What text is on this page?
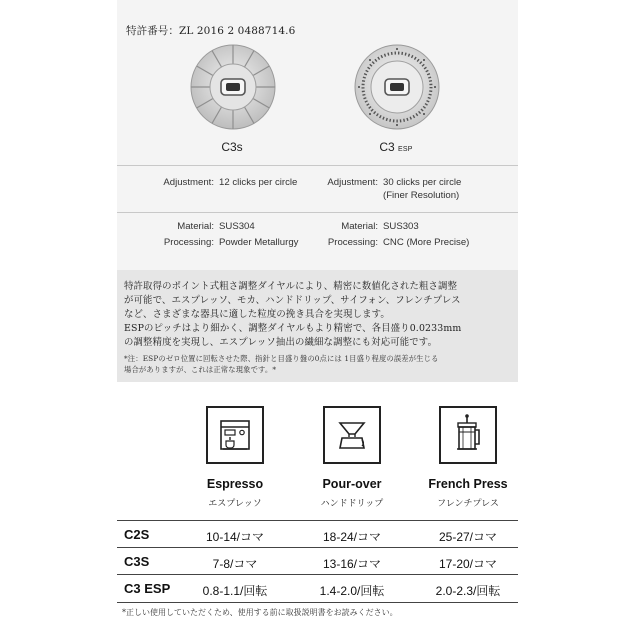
特許番号：ZL 2016 2 0488714.6
C3s	C3 ESP
Adjustment: 12 clicks per circle	Adjustment: 30 clicks per circle
(Finer Resolution)
Material: SUS304	Material: SUS303
Processing: Powder Metallurgy	Processing: CNC (More Precise)

特許取得のポイント式粗さ調整ダイヤルにより、精密に数値化された粗さ調整

が可能で、エスプレッソ、モカ、ハンドドリップ、サイフォン、フレンチプレス

など、さまざまな器具に適した粒度の挽き具合を実現します。

ESPのピッチはより細かく、調整ダイヤルもより精密で、各目盛り0.0233mm

の調整精度を実現し、エスプレッソ抽出の繊細な調整にも対応可能です。

*注：ESPのゼロ位置に回転させた際、指針と目盛り盤の0点には 1目盛り程度の誤差が生じる

場合がありますが、これは正常な現象です。*

Espresso	Pour-over	French Press
エスプレッソ	ハンドドリップ	フレンチプレス
C2S	10-14/コマ	18-24/コマ	25-27/コマ
C3S	7-8/コマ	13-16/コマ	17-20/コマ
C3 ESP	0.8-1.1/回転	1.4-2.0/回転	2.0-2.3/回転
*正しい使用していただくため、使用する前に取扱説明書をお読みください。
